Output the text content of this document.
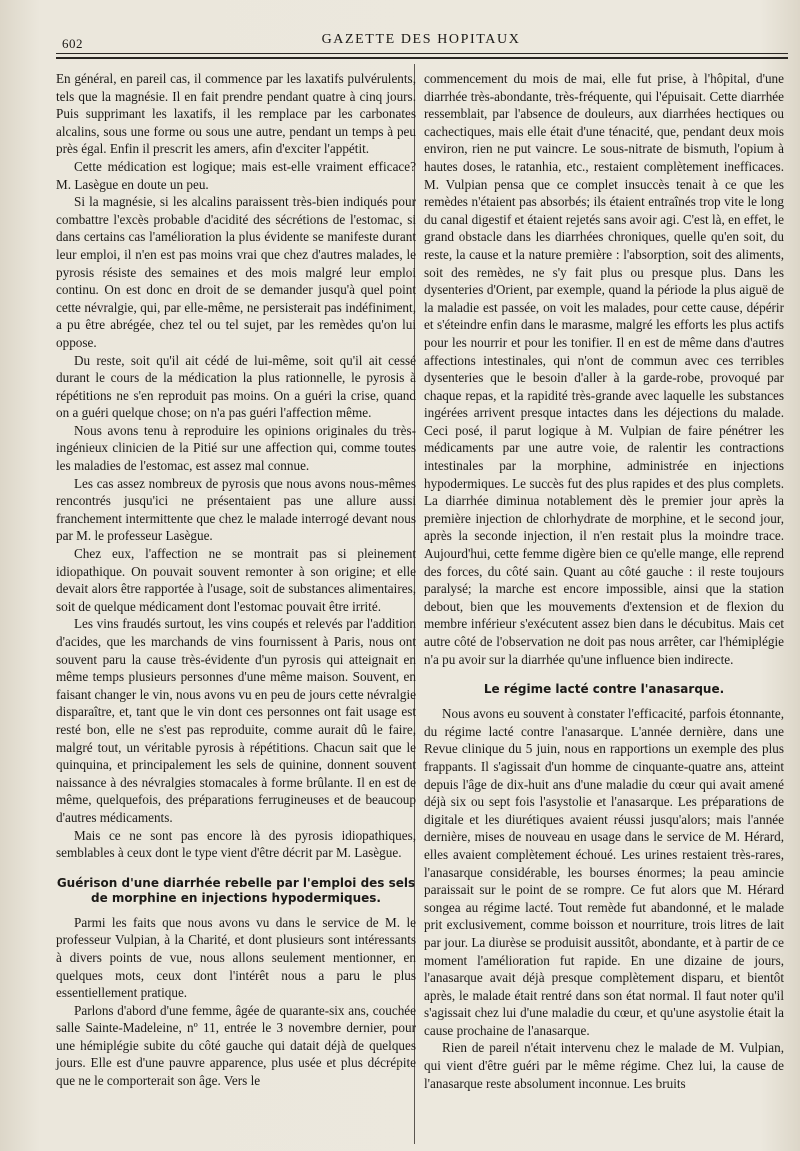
602	GAZETTE DES HOPITAUX

En général, en pareil cas, il commence par les laxatifs pulvérulents, tels que la magnésie. Il en fait prendre pendant quatre à cinq jours. Puis supprimant les laxatifs, il les remplace par les carbonates alcalins, sous une forme ou sous une autre, pendant un temps à peu près égal. Enfin il prescrit les amers, afin d'exciter l'appétit.

Cette médication est logique; mais est-elle vraiment efficace? M. Lasègue en doute un peu.

Si la magnésie, si les alcalins paraissent très-bien indiqués pour combattre l'excès probable d'acidité des sécrétions de l'estomac, si dans certains cas l'amélioration la plus évidente se manifeste durant leur emploi, il n'en est pas moins vrai que chez d'autres malades, le pyrosis résiste des semaines et des mois malgré leur emploi continu. On est donc en droit de se demander jusqu'à quel point cette névralgie, qui, par elle-même, ne persisterait pas indéfiniment, a pu être abrégée, chez tel ou tel sujet, par les remèdes qu'on lui oppose.

Du reste, soit qu'il ait cédé de lui-même, soit qu'il ait cessé durant le cours de la médication la plus rationnelle, le pyrosis à répétitions ne s'en reproduit pas moins. On a guéri la crise, quand on a guéri quelque chose; on n'a pas guéri l'affection même.

Nous avons tenu à reproduire les opinions originales du très-ingénieux clinicien de la Pitié sur une affection qui, comme toutes les maladies de l'estomac, est assez mal connue.

Les cas assez nombreux de pyrosis que nous avons nous-mêmes rencontrés jusqu'ici ne présentaient pas une allure aussi franchement intermittente que chez le malade interrogé devant nous par M. le professeur Lasègue.

Chez eux, l'affection ne se montrait pas si pleinement idiopathique. On pouvait souvent remonter à son origine; et elle devait alors être rapportée à l'usage, soit de substances alimentaires, soit de quelque médicament dont l'estomac pouvait être irrité.

Les vins fraudés surtout, les vins coupés et relevés par l'addition d'acides, que les marchands de vins fournissent à Paris, nous ont souvent paru la cause très-évidente d'un pyrosis qui atteignait en même temps plusieurs personnes d'une même maison. Souvent, en faisant changer le vin, nous avons vu en peu de jours cette névralgie disparaître, et, tant que le vin dont ces personnes ont fait usage est resté bon, elle ne s'est pas reproduite, comme aurait dû le faire, malgré tout, un véritable pyrosis à répétitions. Chacun sait que le quinquina, et principalement les sels de quinine, donnent souvent naissance à des névralgies stomacales à forme brûlante. Il en est de même, quelquefois, des préparations ferrugineuses et de beaucoup d'autres médicaments.

Mais ce ne sont pas encore là des pyrosis idiopathiques, semblables à ceux dont le type vient d'être décrit par M. Lasègue.

Guérison d'une diarrhée rebelle par l'emploi des sels de morphine en injections hypodermiques.

Parmi les faits que nous avons vu dans le service de M. le professeur Vulpian, à la Charité, et dont plusieurs sont intéressants à divers points de vue, nous allons seulement mentionner, en quelques mots, ceux dont l'intérêt nous a paru le plus essentiellement pratique.

Parlons d'abord d'une femme, âgée de quarante-six ans, couchée salle Sainte-Madeleine, nº 11, entrée le 3 novembre dernier, pour une hémiplégie subite du côté gauche qui datait déjà de quelques jours. Elle est d'une pauvre apparence, plus usée et plus décrépite que ne le comporterait son âge. Vers le

commencement du mois de mai, elle fut prise, à l'hôpital, d'une diarrhée très-abondante, très-fréquente, qui l'épuisait. Cette diarrhée ressemblait, par l'absence de douleurs, aux diarrhées hectiques ou cachectiques, mais elle était d'une ténacité, que, pendant deux mois environ, rien ne put vaincre. Le sous-nitrate de bismuth, l'opium à hautes doses, le ratanhia, etc., restaient complètement inefficaces. M. Vulpian pensa que ce complet insuccès tenait à ce que les remèdes n'étaient pas absorbés; ils étaient entraînés trop vite le long du canal digestif et étaient rejetés sans avoir agi. C'est là, en effet, le grand obstacle dans les diarrhées chroniques, quelle qu'en soit, du reste, la cause et la nature première : l'absorption, soit des aliments, soit des remèdes, ne s'y fait plus ou presque plus. Dans les dysenteries d'Orient, par exemple, quand la période la plus aiguë de la maladie est passée, on voit les malades, pour cette cause, dépérir et s'éteindre enfin dans le marasme, malgré les efforts les plus actifs pour les nourrir et pour les tonifier. Il en est de même dans d'autres affections intestinales, qui n'ont de commun avec ces terribles dysenteries que le besoin d'aller à la garde-robe, provoqué par chaque repas, et la rapidité très-grande avec laquelle les substances ingérées arrivent presque intactes dans les déjections du malade. Ceci posé, il parut logique à M. Vulpian de faire pénétrer les médicaments par une autre voie, de ralentir les contractions intestinales par la morphine, administrée en injections hypodermiques. Le succès fut des plus rapides et des plus complets. La diarrhée diminua notablement dès le premier jour après la première injection de chlorhydrate de morphine, et le second jour, après la seconde injection, il n'en restait plus la moindre trace. Aujourd'hui, cette femme digère bien ce qu'elle mange, elle reprend des forces, du côté sain. Quant au côté gauche : il reste toujours paralysé; la marche est encore impossible, ainsi que la station debout, bien que les mouvements d'extension et de flexion du membre inférieur s'exécutent assez bien dans le décubitus. Mais cet autre côté de l'observation ne doit pas nous arrêter, car l'hémiplégie n'a pu avoir sur la diarrhée qu'une influence bien indirecte.

Le régime lacté contre l'anasarque.

Nous avons eu souvent à constater l'efficacité, parfois étonnante, du régime lacté contre l'anasarque. L'année dernière, dans une Revue clinique du 5 juin, nous en rapportions un exemple des plus frappants. Il s'agissait d'un homme de cinquante-quatre ans, atteint depuis l'âge de dix-huit ans d'une maladie du cœur qui avait amené déjà six ou sept fois l'asystolie et l'anasarque. Les préparations de digitale et les diurétiques avaient réussi jusqu'alors; mais l'année dernière, mises de nouveau en usage dans le service de M. Hérard, elles avaient complètement échoué. Les urines restaient très-rares, l'anasarque considérable, les bourses énormes; la peau amincie paraissait sur le point de se rompre. Ce fut alors que M. Hérard songea au régime lacté. Tout remède fut abandonné, et le malade prit exclusivement, comme boisson et nourriture, trois litres de lait par jour. La diurèse se produisit aussitôt, abondante, et à partir de ce moment l'amélioration fut rapide. En une dizaine de jours, l'anasarque avait déjà presque complètement disparu, et bientôt après, le malade était rentré dans son état normal. Il faut noter qu'il s'agissait chez lui d'une maladie du cœur, et qu'une asystolie était la cause prochaine de l'anasarque.

Rien de pareil n'était intervenu chez le malade de M. Vulpian, qui vient d'être guéri par le même régime. Chez lui, la cause de l'anasarque reste absolument inconnue. Les bruits
